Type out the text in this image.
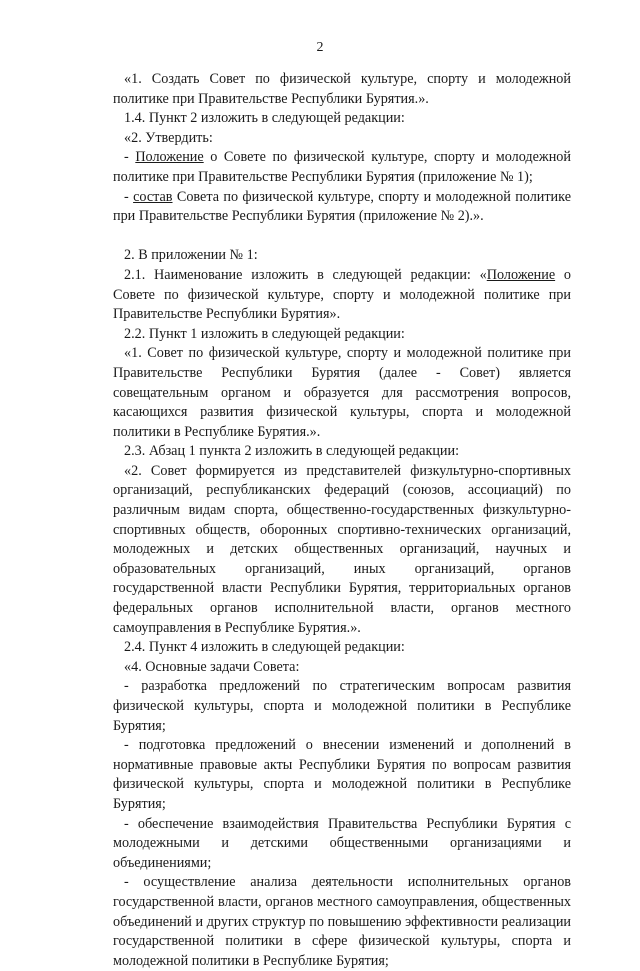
2

«1. Создать Совет по физической культуре, спорту и молодежной политике при Правительстве Республики Бурятия.».

1.4. Пункт 2 изложить в следующей редакции:

«2. Утвердить:

- Положение о Совете по физической культуре, спорту и молодежной политике при Правительстве Республики Бурятия (приложение № 1);

- состав Совета по физической культуре, спорту и молодежной политике при Правительстве Республики Бурятия (приложение № 2).».

2. В приложении № 1:

2.1. Наименование изложить в следующей редакции: «Положение о Совете по физической культуре, спорту и молодежной политике при Правительстве Республики Бурятия».

2.2. Пункт 1 изложить в следующей редакции:

«1. Совет по физической культуре, спорту и молодежной политике при Правительстве Республики Бурятия (далее - Совет) является совещательным органом и образуется для рассмотрения вопросов, касающихся развития физической культуры, спорта и молодежной политики в Республике Бурятия.».

2.3. Абзац 1 пункта 2 изложить в следующей редакции:

«2. Совет формируется из представителей физкультурно-спортивных организаций, республиканских федераций (союзов, ассоциаций) по различным видам спорта, общественно-государственных физкультурно-спортивных обществ, оборонных спортивно-технических организаций, молодежных и детских общественных организаций, научных и образовательных организаций, иных организаций, органов государственной власти Республики Бурятия, территориальных органов федеральных органов исполнительной власти, органов местного самоуправления в Республике Бурятия.».

2.4. Пункт 4 изложить в следующей редакции:

«4. Основные задачи Совета:

- разработка предложений по стратегическим вопросам развития физической культуры, спорта и молодежной политики в Республике Бурятия;

- подготовка предложений о внесении изменений и дополнений в нормативные правовые акты Республики Бурятия по вопросам развития физической культуры, спорта и молодежной политики в Республике Бурятия;

- обеспечение взаимодействия Правительства Республики Бурятия с молодежными и детскими общественными организациями и объединениями;

- осуществление анализа деятельности исполнительных органов государственной власти, органов местного самоуправления, общественных объединений и других структур по повышению эффективности реализации государственной политики в сфере физической культуры, спорта и молодежной политики в Республике Бурятия;
